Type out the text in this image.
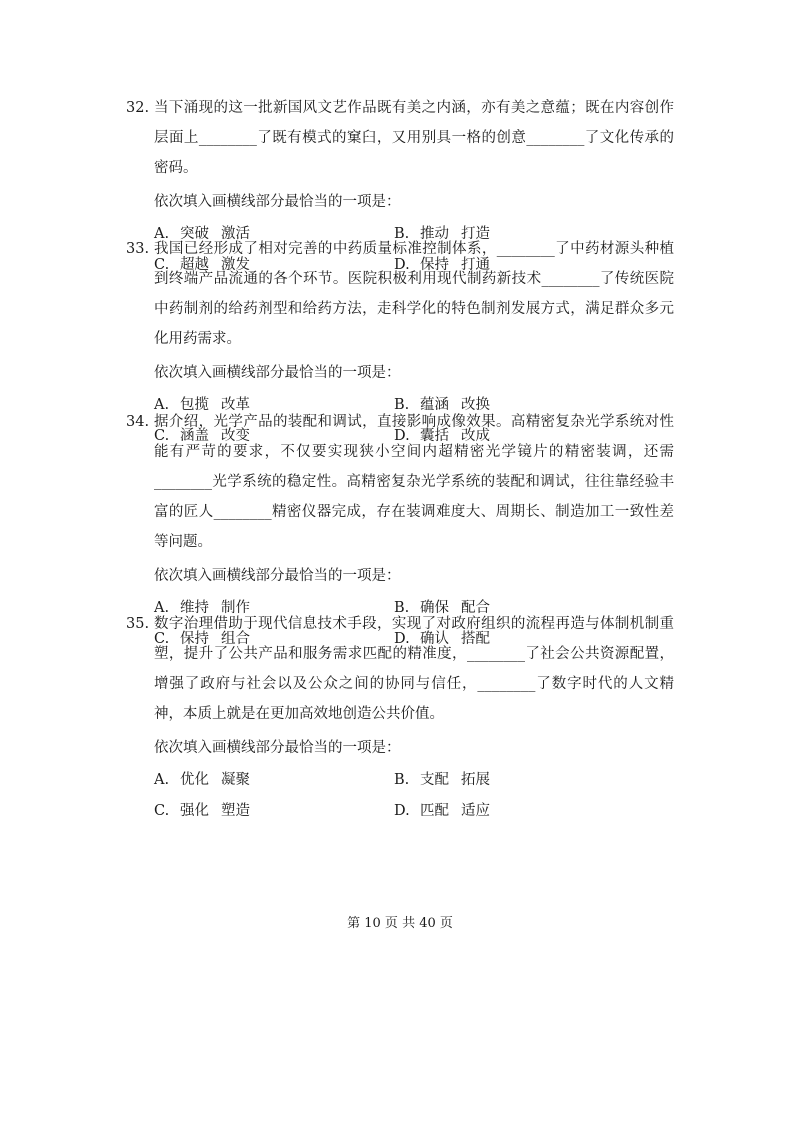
32. 当下涌现的这一批新国风文艺作品既有美之内涵，亦有美之意蕴；既在内容创作层面上________了既有模式的窠臼，又用别具一格的创意________了文化传承的密码。

依次填入画横线部分最恰当的一项是：
A. 突破 激活	B. 推动 打造
C. 超越 激发	D. 保持 打通

33. 我国已经形成了相对完善的中药质量标准控制体系，________了中药材源头种植到终端产品流通的各个环节。医院积极利用现代制药新技术________了传统医院中药制剂的给药剂型和给药方法，走科学化的特色制剂发展方式，满足群众多元化用药需求。

依次填入画横线部分最恰当的一项是：
A. 包揽 改革	B. 蕴涵 改换
C. 涵盖 改变	D. 囊括 改成

34. 据介绍，光学产品的装配和调试，直接影响成像效果。高精密复杂光学系统对性能有严苛的要求，不仅要实现狭小空间内超精密光学镜片的精密装调，还需________光学系统的稳定性。高精密复杂光学系统的装配和调试，往往靠经验丰富的匠人________精密仪器完成，存在装调难度大、周期长、制造加工一致性差等问题。

依次填入画横线部分最恰当的一项是：
A. 维持 制作	B. 确保 配合
C. 保持 组合	D. 确认 搭配

35. 数字治理借助于现代信息技术手段，实现了对政府组织的流程再造与体制机制重塑，提升了公共产品和服务需求匹配的精准度，________了社会公共资源配置，增强了政府与社会以及公众之间的协同与信任，________了数字时代的人文精神，本质上就是在更加高效地创造公共价值。

依次填入画横线部分最恰当的一项是：
A. 优化 凝聚	B. 支配 拓展
C. 强化 塑造	D. 匹配 适应
第 10 页 共 40 页
